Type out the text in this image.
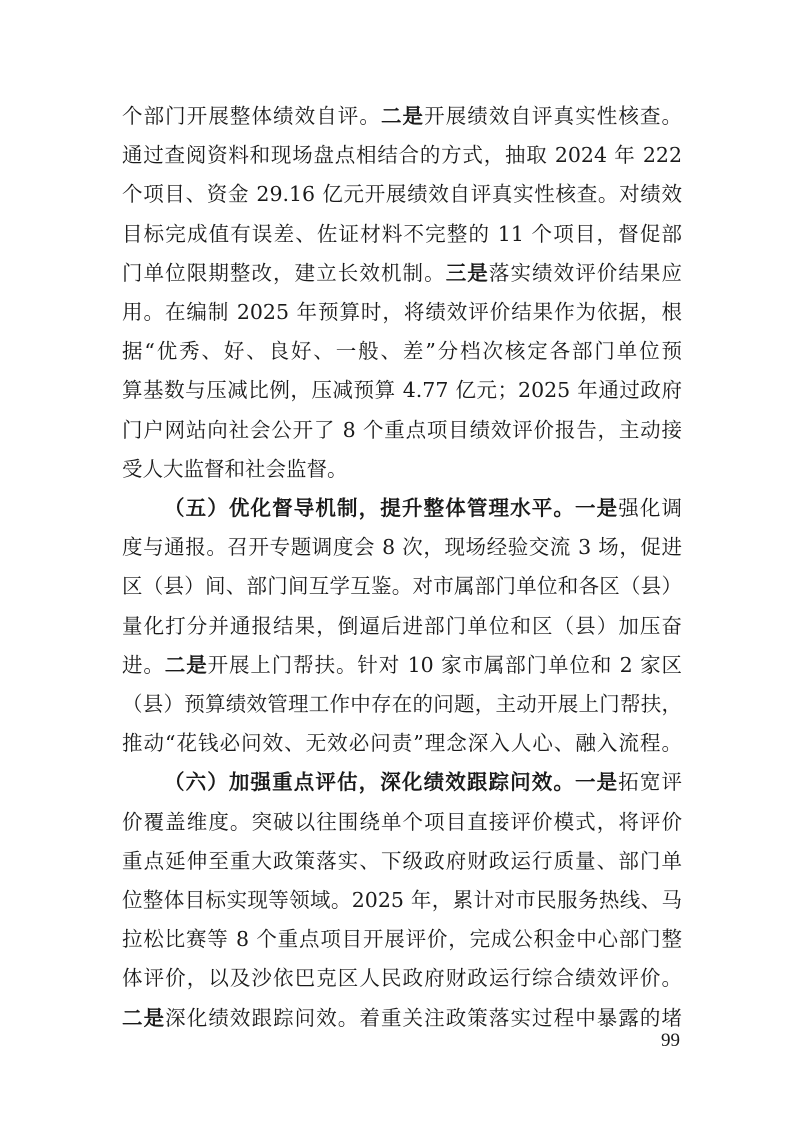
个部门开展整体绩效自评。二是开展绩效自评真实性核查。
通过查阅资料和现场盘点相结合的方式，抽取 2024 年 222
个项目、资金 29.16 亿元开展绩效自评真实性核查。对绩效
目标完成值有误差、佐证材料不完整的 11 个项目，督促部
门单位限期整改，建立长效机制。三是落实绩效评价结果应
用。在编制 2025 年预算时，将绩效评价结果作为依据，根
据“优秀、好、良好、一般、差”分档次核定各部门单位预
算基数与压减比例，压减预算 4.77 亿元；2025 年通过政府
门户网站向社会公开了 8 个重点项目绩效评价报告，主动接
受人大监督和社会监督。
（五）优化督导机制，提升整体管理水平。一是强化调
度与通报。召开专题调度会 8 次，现场经验交流 3 场，促进
区（县）间、部门间互学互鉴。对市属部门单位和各区（县）
量化打分并通报结果，倒逼后进部门单位和区（县）加压奋
进。二是开展上门帮扶。针对 10 家市属部门单位和 2 家区
（县）预算绩效管理工作中存在的问题，主动开展上门帮扶，
推动“花钱必问效、无效必问责”理念深入人心、融入流程。
（六）加强重点评估，深化绩效跟踪问效。一是拓宽评
价覆盖维度。突破以往围绕单个项目直接评价模式，将评价
重点延伸至重大政策落实、下级政府财政运行质量、部门单
位整体目标实现等领域。2025 年，累计对市民服务热线、马
拉松比赛等 8 个重点项目开展评价，完成公积金中心部门整
体评价，以及沙依巴克区人民政府财政运行综合绩效评价。
二是深化绩效跟踪问效。着重关注政策落实过程中暴露的堵
99
